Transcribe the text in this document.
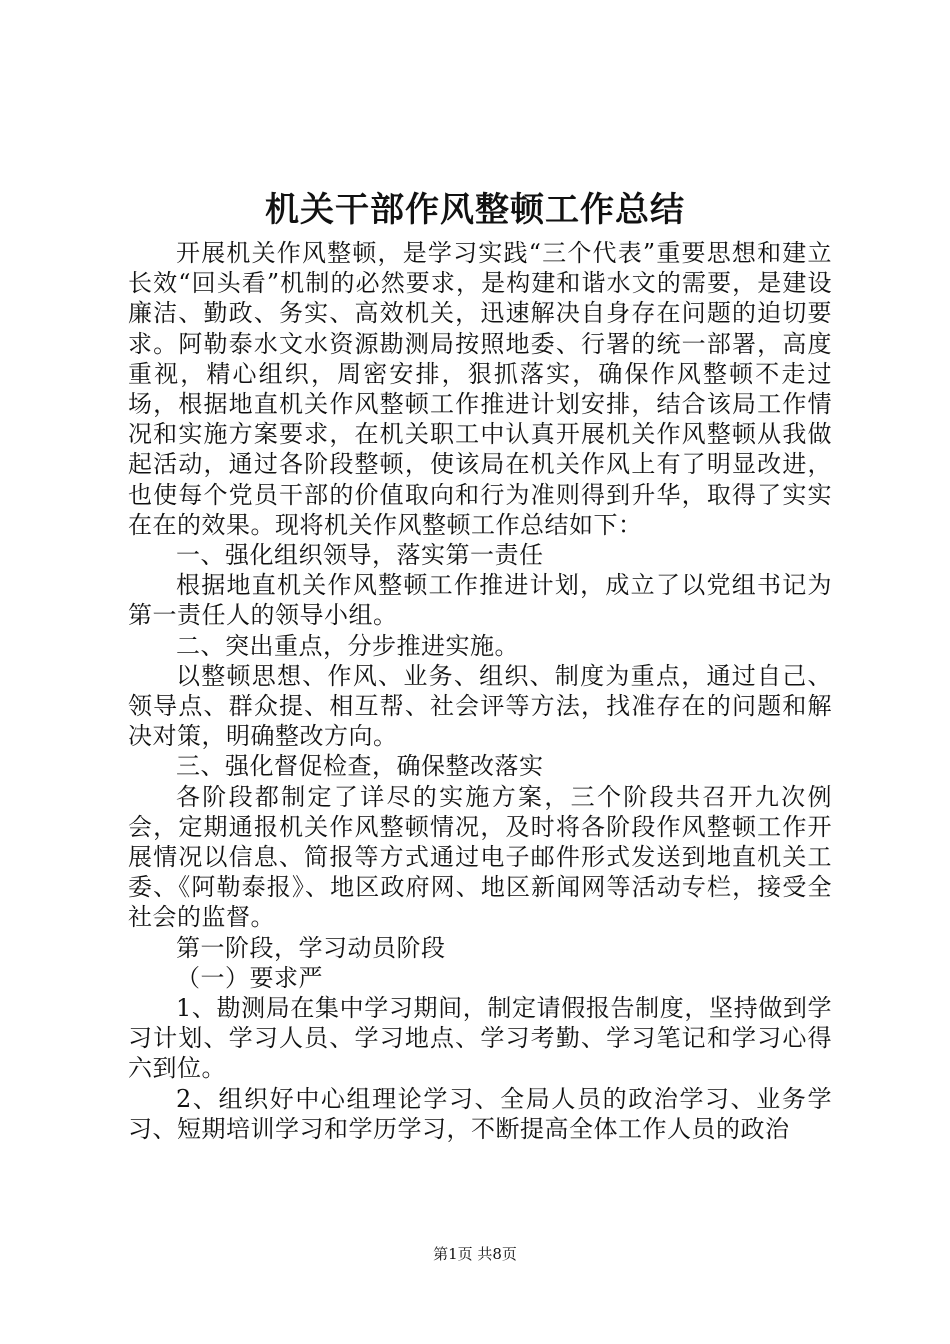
机关干部作风整顿工作总结

开展机关作风整顿，是学习实践“三个代表”重要思想和建立长效“回头看”机制的必然要求，是构建和谐水文的需要，是建设廉洁、勤政、务实、高效机关，迅速解决自身存在问题的迫切要求。阿勒泰水文水资源勘测局按照地委、行署的统一部署，高度重视，精心组织，周密安排，狠抓落实，确保作风整顿不走过场，根据地直机关作风整顿工作推进计划安排，结合该局工作情况和实施方案要求，在机关职工中认真开展机关作风整顿从我做起活动，通过各阶段整顿，使该局在机关作风上有了明显改进，也使每个党员干部的价值取向和行为准则得到升华，取得了实实在在的效果。现将机关作风整顿工作总结如下：

一、强化组织领导，落实第一责任

根据地直机关作风整顿工作推进计划，成立了以党组书记为第一责任人的领导小组。

二、突出重点，分步推进实施。

以整顿思想、作风、业务、组织、制度为重点，通过自己、领导点、群众提、相互帮、社会评等方法，找准存在的问题和解决对策，明确整改方向。

三、强化督促检查，确保整改落实

各阶段都制定了详尽的实施方案，三个阶段共召开九次例会，定期通报机关作风整顿情况，及时将各阶段作风整顿工作开展情况以信息、简报等方式通过电子邮件形式发送到地直机关工委、《阿勒泰报》、地区政府网、地区新闻网等活动专栏，接受全社会的监督。

第一阶段，学习动员阶段

（一）要求严

1、勘测局在集中学习期间，制定请假报告制度，坚持做到学习计划、学习人员、学习地点、学习考勤、学习笔记和学习心得六到位。

2、组织好中心组理论学习、全局人员的政治学习、业务学习、短期培训学习和学历学习，不断提高全体工作人员的政治

第1页 共8页
